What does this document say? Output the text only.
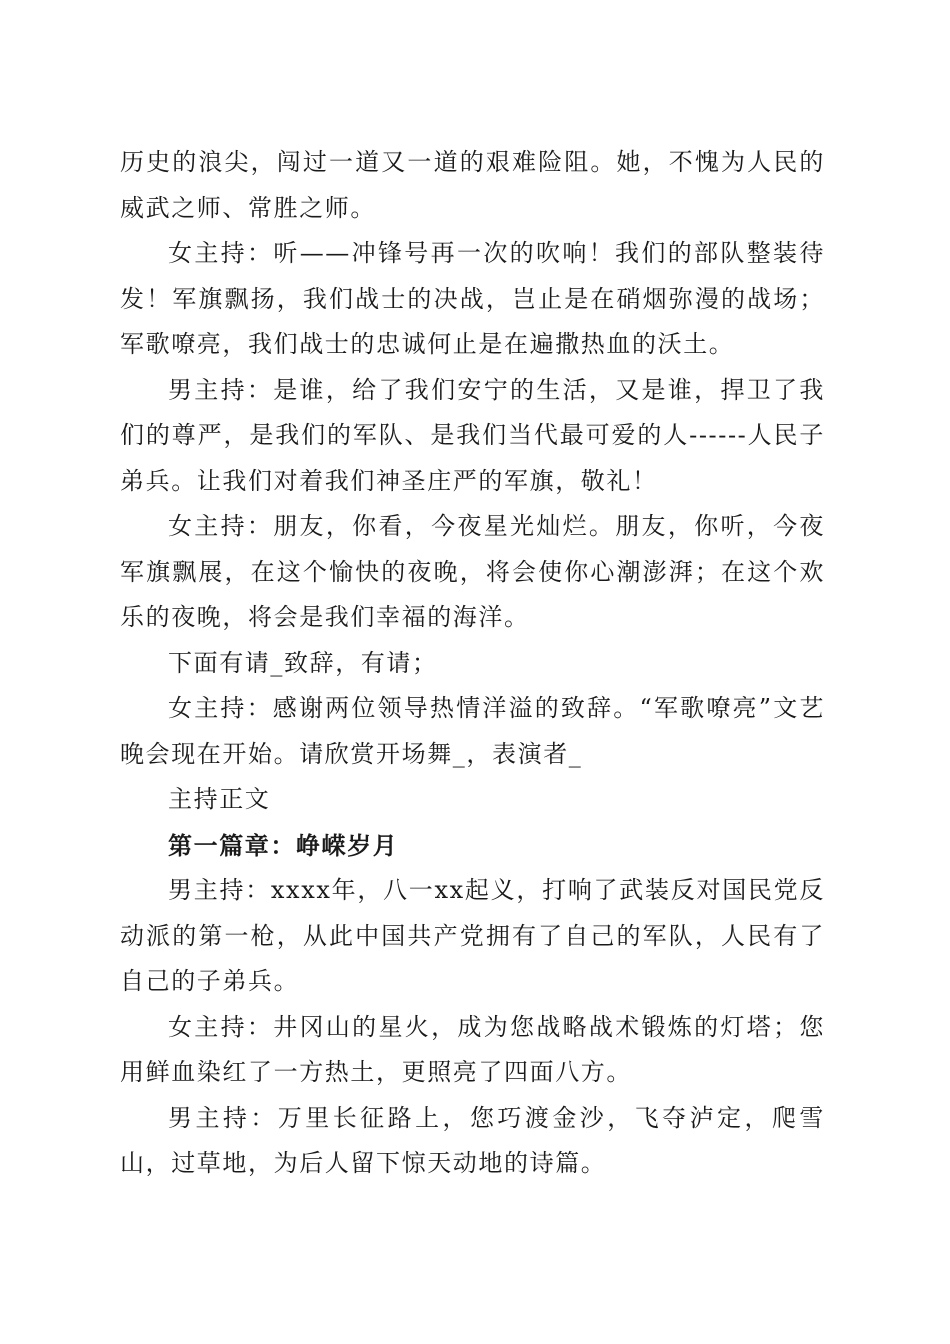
历史的浪尖，闯过一道又一道的艰难险阻。她，不愧为人民的威武之师、常胜之师。

女主持：听——冲锋号再一次的吹响！我们的部队整装待发！军旗飘扬，我们战士的决战，岂止是在硝烟弥漫的战场；军歌嘹亮，我们战士的忠诚何止是在遍撒热血的沃土。

男主持：是谁，给了我们安宁的生活，又是谁，捍卫了我们的尊严，是我们的军队、是我们当代最可爱的人------人民子弟兵。让我们对着我们神圣庄严的军旗，敬礼！

女主持：朋友，你看，今夜星光灿烂。朋友，你听，今夜军旗飘展，在这个愉快的夜晚，将会使你心潮澎湃；在这个欢乐的夜晚，将会是我们幸福的海洋。

下面有请_致辞，有请；

女主持：感谢两位领导热情洋溢的致辞。“军歌嘹亮”文艺晚会现在开始。请欣赏开场舞_，表演者_

主持正文

第一篇章：峥嵘岁月

男主持：xxxx年，八一xx起义，打响了武装反对国民党反动派的第一枪，从此中国共产党拥有了自己的军队，人民有了自己的子弟兵。

女主持：井冈山的星火，成为您战略战术锻炼的灯塔；您用鲜血染红了一方热土，更照亮了四面八方。

男主持：万里长征路上，您巧渡金沙，飞夺泸定，爬雪山，过草地，为后人留下惊天动地的诗篇。
